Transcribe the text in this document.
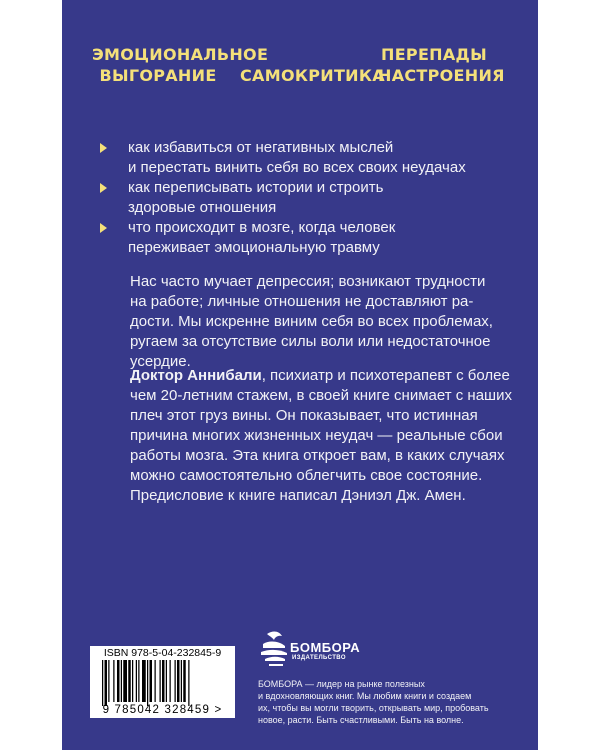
ЭМОЦИОНАЛЬНОЕ
ВЫГОРАНИЕ	САМОКРИТИКА
ПЕРЕПАДЫ
НАСТРОЕНИЯ
как избавиться от негативных мыслей
и перестать винить себя во всех своих неудачах
как переписывать истории и строить
здоровые отношения
что происходит в мозге, когда человек
переживает эмоциональную травму
Нас часто мучает депрессия; возникают трудности
на работе; личные отношения не доставляют ра-
дости. Мы искренне виним себя во всех проблемах,
ругаем за отсутствие силы воли или недостаточное
усердие.
Доктор Аннибали, психиатр и психотерапевт с более
чем 20-летним стажем, в своей книге снимает с наших
плеч этот груз вины. Он показывает, что истинная
причина многих жизненных неудач — реальные сбои
работы мозга. Эта книга откроет вам, в каких случаях
можно самостоятельно облегчить свое состояние.
Предисловие к книге написал Дэниэл Дж. Амен.
ISBN 978-5-04-232845-9
9 785042 328459 >
БОМБОРА
ИЗДАТЕЛЬСТВО
БОМБОРА — лидер на рынке полезных
и вдохновляющих книг. Мы любим книги и создаем
их, чтобы вы могли творить, открывать мир, пробовать
новое, расти. Быть счастливыми. Быть на волне.
